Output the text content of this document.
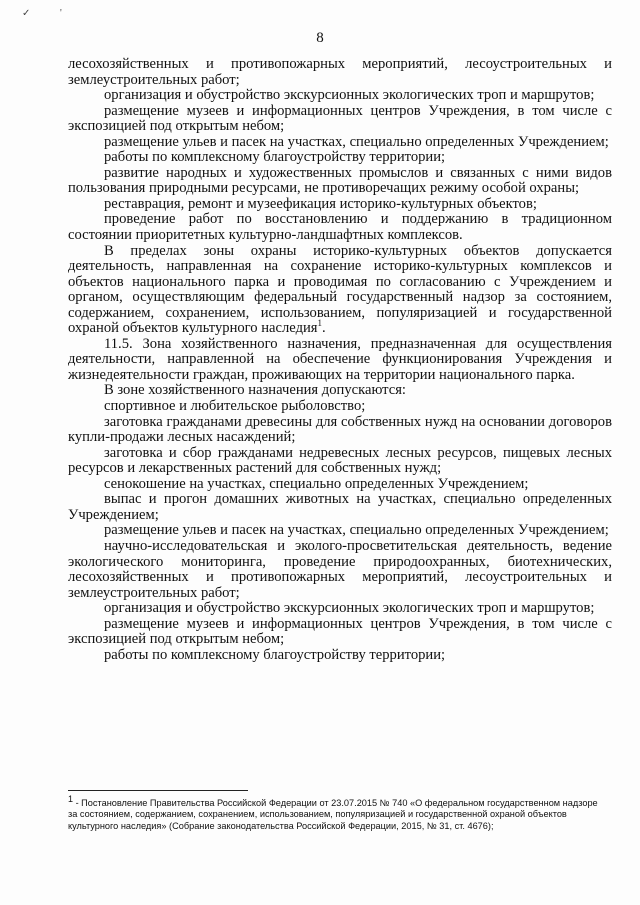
✓	'
8

лесохозяйственных и противопожарных мероприятий, лесоустроительных и землеустроительных работ;

организация и обустройство экскурсионных экологических троп и маршрутов;

размещение музеев и информационных центров Учреждения, в том числе с экспозицией под открытым небом;

размещение ульев и пасек на участках, специально определенных Учреждением;

работы по комплексному благоустройству территории;

развитие народных и художественных промыслов и связанных с ними видов пользования природными ресурсами, не противоречащих режиму особой охраны;

реставрация, ремонт и музеефикация историко-культурных объектов;

проведение работ по восстановлению и поддержанию в традиционном состоянии приоритетных культурно-ландшафтных комплексов.

В пределах зоны охраны историко-культурных объектов допускается деятельность, направленная на сохранение историко-культурных комплексов и объектов национального парка и проводимая по согласованию с Учреждением и органом, осуществляющим федеральный государственный надзор за состоянием, содержанием, сохранением, использованием, популяризацией и государственной охраной объектов культурного наследия$^1$.

11.5. Зона хозяйственного назначения, предназначенная для осуществления деятельности, направленной на обеспечение функционирования Учреждения и жизнедеятельности граждан, проживающих на территории национального парка.

В зоне хозяйственного назначения допускаются:

спортивное и любительское рыболовство;

заготовка гражданами древесины для собственных нужд на основании договоров купли-продажи лесных насаждений;

заготовка и сбор гражданами недревесных лесных ресурсов, пищевых лесных ресурсов и лекарственных растений для собственных нужд;

сенокошение на участках, специально определенных Учреждением;

выпас и прогон домашних животных на участках, специально определенных Учреждением;

размещение ульев и пасек на участках, специально определенных Учреждением;

научно-исследовательская и эколого-просветительская деятельность, ведение экологического мониторинга, проведение природоохранных, биотехнических, лесохозяйственных и противопожарных мероприятий, лесоустроительных и землеустроительных работ;

организация и обустройство экскурсионных экологических троп и маршрутов;

размещение музеев и информационных центров Учреждения, в том числе с экспозицией под открытым небом;

работы по комплексному благоустройству территории;

1 - Постановление Правительства Российской Федерации от 23.07.2015 № 740 «О федеральном государственном надзоре за состоянием, содержанием, сохранением, использованием, популяризацией и государственной охраной объектов культурного наследия» (Собрание законодательства Российской Федерации, 2015, № 31, ст. 4676);
